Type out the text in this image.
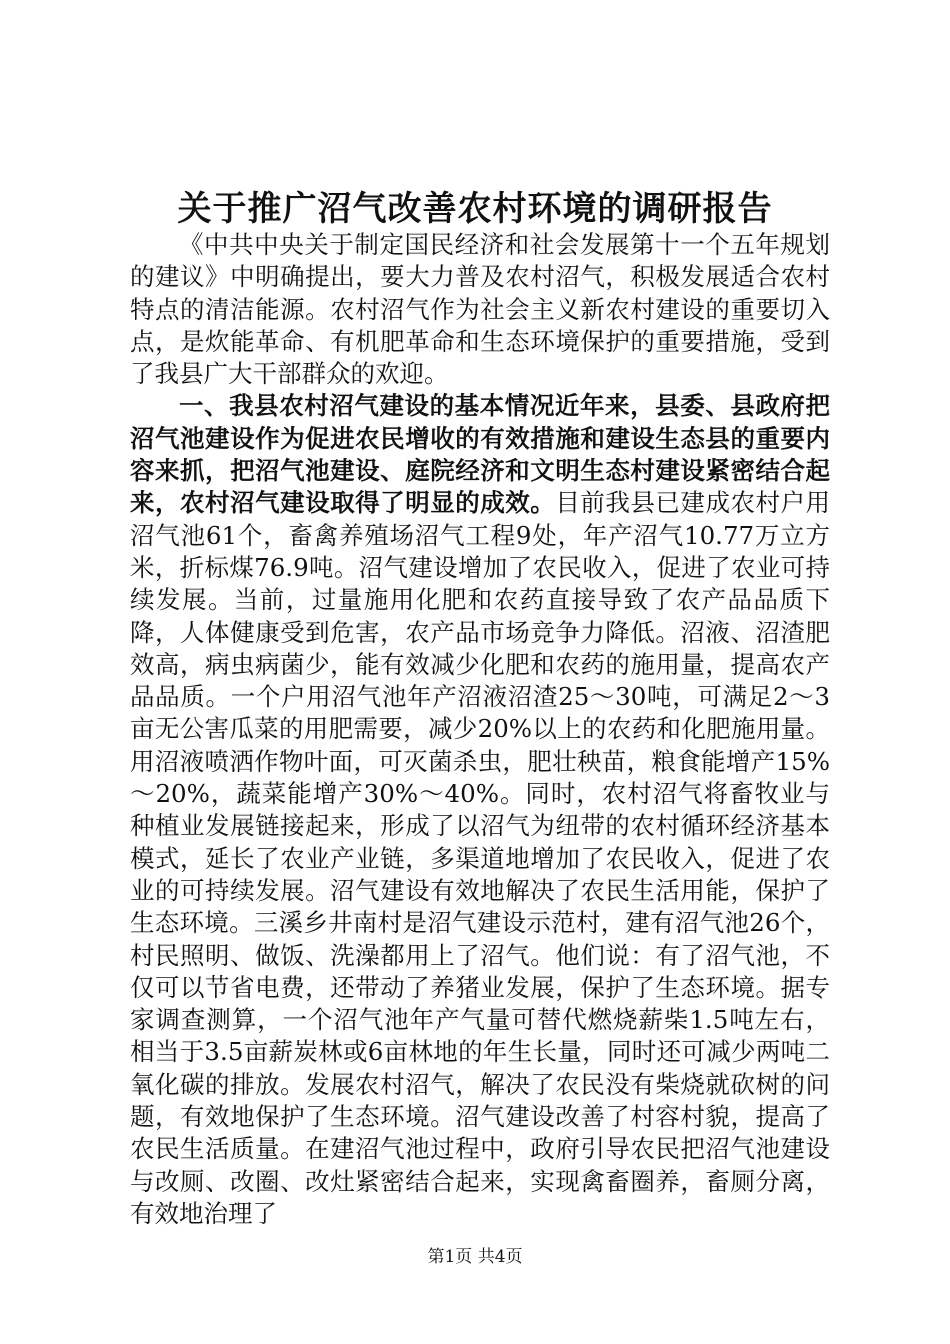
关于推广沼气改善农村环境的调研报告

《中共中央关于制定国民经济和社会发展第十一个五年规划的建议》中明确提出，要大力普及农村沼气，积极发展适合农村特点的清洁能源。农村沼气作为社会主义新农村建设的重要切入点，是炊能革命、有机肥革命和生态环境保护的重要措施，受到了我县广大干部群众的欢迎。

一、我县农村沼气建设的基本情况近年来，县委、县政府把沼气池建设作为促进农民增收的有效措施和建设生态县的重要内容来抓，把沼气池建设、庭院经济和文明生态村建设紧密结合起来，农村沼气建设取得了明显的成效。目前我县已建成农村户用沼气池61个，畜禽养殖场沼气工程9处，年产沼气10.77万立方米，折标煤76.9吨。沼气建设增加了农民收入，促进了农业可持续发展。当前，过量施用化肥和农药直接导致了农产品品质下降，人体健康受到危害，农产品市场竞争力降低。沼液、沼渣肥效高，病虫病菌少，能有效减少化肥和农药的施用量，提高农产品品质。一个户用沼气池年产沼液沼渣25～30吨，可满足2～3亩无公害瓜菜的用肥需要，减少20%以上的农药和化肥施用量。用沼液喷洒作物叶面，可灭菌杀虫，肥壮秧苗，粮食能增产15%～20%，蔬菜能增产30%～40%。同时，农村沼气将畜牧业与种植业发展链接起来，形成了以沼气为纽带的农村循环经济基本模式，延长了农业产业链，多渠道地增加了农民收入，促进了农业的可持续发展。沼气建设有效地解决了农民生活用能，保护了生态环境。三溪乡井南村是沼气建设示范村，建有沼气池26个，村民照明、做饭、洗澡都用上了沼气。他们说：有了沼气池，不仅可以节省电费，还带动了养猪业发展，保护了生态环境。据专家调查测算，一个沼气池年产气量可替代燃烧薪柴1.5吨左右，相当于3.5亩薪炭林或6亩林地的年生长量，同时还可减少两吨二氧化碳的排放。发展农村沼气，解决了农民没有柴烧就砍树的问题，有效地保护了生态环境。沼气建设改善了村容村貌，提高了农民生活质量。在建沼气池过程中，政府引导农民把沼气池建设与改厕、改圈、改灶紧密结合起来，实现禽畜圈养，畜厕分离，有效地治理了

第1页 共4页
